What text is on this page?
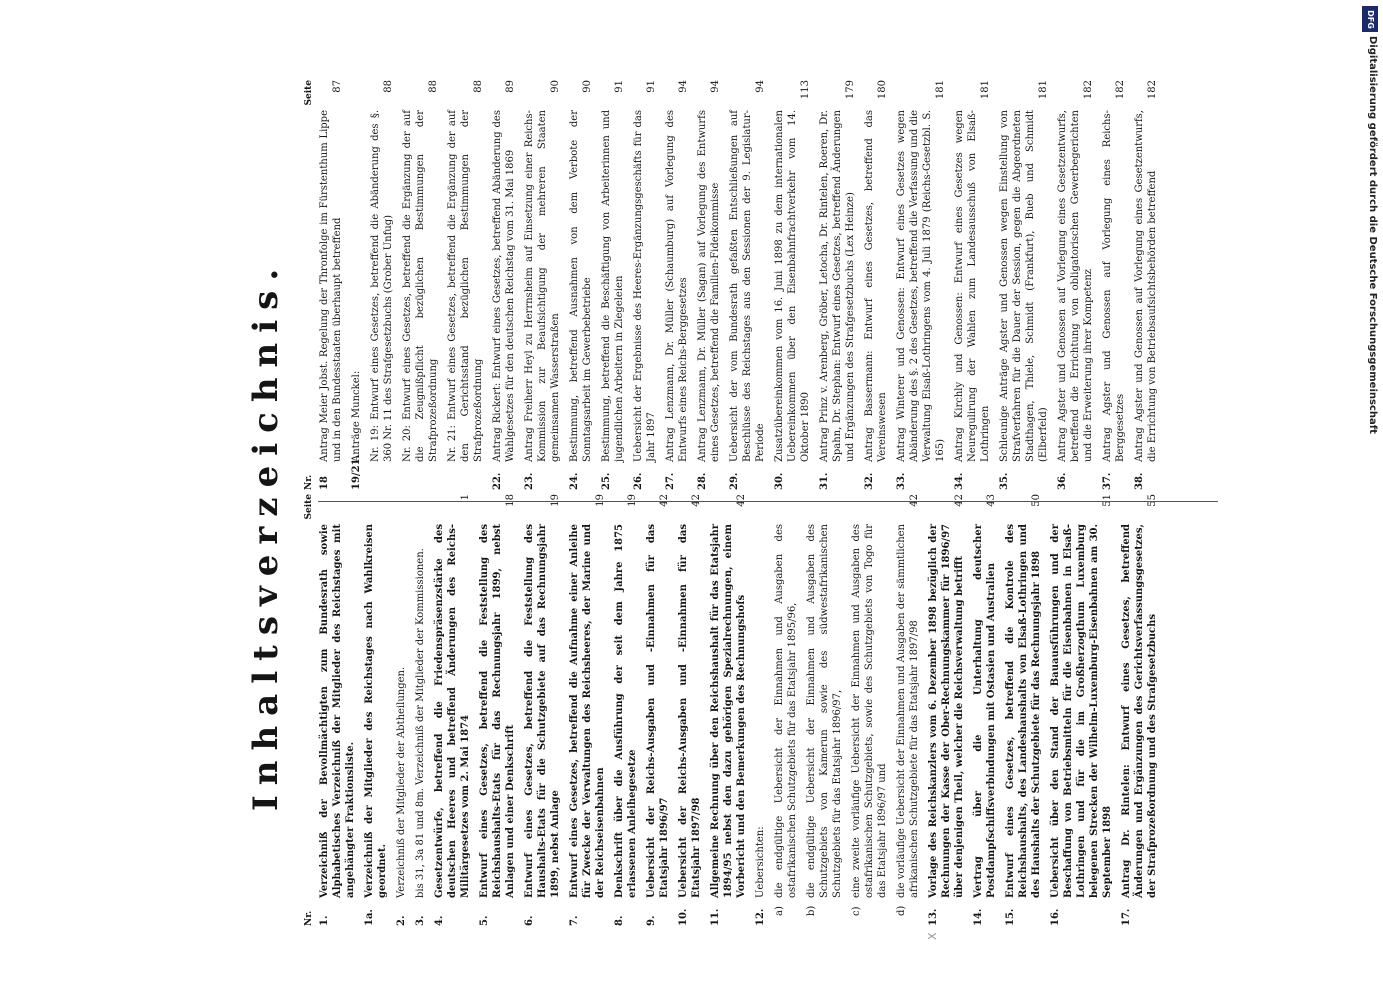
Inhaltsverzeichnis.
Nr.
Seite
1.
Verzeichniß der Bevollmächtigten zum Bundesrath sowie Alphabetisches Verzeichniß der Mitglieder des Reichstages mit angehängter Fraktionsliste.
1a.
Verzeichniß der Mitglieder des Reichstages nach Wahlkreisen geordnet.
2.
Verzeichniß der Mitglieder der Abtheilungen.
3.
bis 31, 3a 81 und 8m. Verzeichniß der Mitglieder der Kommissionen.
4.
Gesetzentwürfe, betreffend die Friedenspräsenzstärke des deutschen Heeres und betreffend Änderungen des Reichs-Militärgesetzes vom 2. Mai 1874
1
5.
Entwurf eines Gesetzes, betreffend die Feststellung des Reichshaushalts-Etats für das Rechnungsjahr 1899, nebst Anlagen und einer Denkschrift
6.
Entwurf eines Gesetzes, betreffend die Feststellung des Haushalts-Etats für die Schutzgebiete auf das Rechnungsjahr 1899, nebst Anlage
7.
Entwurf eines Gesetzes, betreffend die Aufnahme einer Anleihe für Zwecke der Verwaltungen des Reichsheeres, der Marine und der Reichseisenbahnen
8.
Denkschrift über die Ausführung der seit dem Jahre 1875 erlassenen Anleihegesetze
9.
Uebersicht der Reichs-Ausgaben und -Einnahmen für das Etatsjahr 1896/97
10.
Uebersicht der Reichs-Ausgaben und -Einnahmen für das Etatsjahr 1897/98
11.
Allgemeine Rechnung über den Reichshaushalt für das Etatsjahr 1894/95 nebst den dazu gehörigen Spezialrechnungen, einem Vorbericht und den Bemerkungen des Rechnungshofs
12.
Uebersichten:
a)
die endgültige Uebersicht der Einnahmen und Ausgaben des ostafrikanischen Schutzgebiets für das Etatsjahr 1895/96,
b)
die endgültige Uebersicht der Einnahmen und Ausgaben des Schutzgebiets von Kamerun sowie des südwestafrikanischen Schutzgebiets für das Etatsjahr 1896/97,
c)
eine zweite vorläufige Uebersicht der Einnahmen und Ausgaben des ostafrikanischen Schutzgebiets, sowie des Schutzgebiets von Togo für das Etatsjahr 1896/97 und
d)
die vorläufige Uebersicht der Einnahmen und Ausgaben der sämmtlichen afrikanischen Schutzgebiete für das Etatsjahr 1897/98
13.
Vorlage des Reichskanzlers vom 6. Dezember 1898 bezüglich der Rechnungen der Kasse der Ober-Rechnungskammer für 1896/97 über denjenigen Theil, welcher die Reichsverwaltung betrifft
14.
Vertrag über die Unterhaltung deutscher Postdampfschiffsverbindungen mit Ostasien und Australien
15.
Entwurf eines Gesetzes, betreffend die Kontrole des Reichshaushalts, des Landeshaushalts von Elsaß-Lothringen und des Haushalts der Schutzgebiete für das Rechnungsjahr 1898
16.
Uebersicht über den Stand der Bauausführungen und der Beschaffung von Betriebsmitteln für die Eisenbahnen in Elsaß-Lothringen und für die im Großherzogthum Luxemburg belegenen Strecken der Wilhelm-Luxemburg-Eisenbahnen am 30. September 1898
17.
Antrag Dr. Rintelen: Entwurf eines Gesetzes, betreffend Änderungen und Ergänzungen des Gerichtsverfassungsgesetzes, der Strafprozeßordnung und des Strafgesetzbuchs
Nr.
Seite
18
Antrag Meier Jobst. Regelung der Thronfolge im Fürstenthum Lippe und in den Bundesstaaten überhaupt betreffend
87
19/21.
Anträge Munckel: Nr. 19: Entwurf eines Gesetzes, betreffend die Abänderung des §. 360 Nr. 11 des Strafgesetzbuchs (Grober Unfug)
88
Nr. 20: Entwurf eines Gesetzes, betreffend die Ergänzung der auf die Zeugnißpflicht bezüglichen Bestimmungen der Strafprozeßordnung
88
Nr. 21: Entwurf eines Gesetzes, betreffend die Ergänzung der auf den Gerichtsstand bezüglichen Bestimmungen der Strafprozeßordnung
88
22.
Antrag Rickert: Entwurf eines Gesetzes, betreffend Abänderung des Wahlgesetzes für den deutschen Reichstag vom 31. Mai 1869
89
23.
Antrag Freiherr Heyl zu Herrnsheim auf Einsetzung einer Reichs-Kommission zur Beaufsichtigung der mehreren Staaten gemeinsamen Wasserstraßen
90
24.
Bestimmung, betreffend Ausnahmen von dem Verbote der Sonntagsarbeit im Gewerbebetriebe
90
25.
Bestimmung, betreffend die Beschäftigung von Arbeiterinnen und jugendlichen Arbeitern in Ziegeleien
91
26.
Uebersicht der Ergebnisse des Heeres-Ergänzungsgeschäfts für das Jahr 1897
91
27.
Antrag Lenzmann, Dr. Müller (Schaumburg) auf Vorlegung des Entwurfs eines Reichs-Berggesetzes
94
28.
Antrag Lenzmann, Dr. Müller (Sagan) auf Vorlegung des Entwurfs eines Gesetzes, betreffend die Familien-Fideikommisse
94
29.
Uebersicht der vom Bundesrath gefaßten Entschließungen auf Beschlüsse des Reichstages aus den Sessionen der 9. Legislatur-Periode
94
30.
Zusatzübereinkommen vom 16. Juni 1898 zu dem internationalen Uebereinkommen über den Eisenbahnfrachtverkehr vom 14. Oktober 1890
113
31.
Antrag Prinz v. Arenberg, Gröber, Letocha, Dr. Rintelen, Roeren, Dr. Spahn, Dr. Stephan: Entwurf eines Gesetzes, betreffend Änderungen und Ergänzungen des Strafgesetzbuchs (Lex Heinze)
179
32.
Antrag Bassermann: Entwurf eines Gesetzes, betreffend das Vereinswesen
180
33.
Antrag Winterer und Genossen: Entwurf eines Gesetzes wegen Abänderung des §. 2 des Gesetzes, betreffend die Verfassung und die Verwaltung Elsaß-Lothringens vom 4. Juli 1879 (Reichs-Gesetzbl. S. 165)
181
34.
Antrag Kirchly und Genossen: Entwurf eines Gesetzes wegen Neuregulirung der Wahlen zum Landesausschuß von Elsaß-Lothringen
181
35.
Schleunige Anträge Agster und Genossen wegen Einstellung von Strafverfahren für die Dauer der Session, gegen die Abgeordneten Stadthagen, Thiele, Schmidt (Frankfurt), Bueb und Schmidt (Elberfeld)
181
36.
Antrag Agster und Genossen auf Vorlegung eines Gesetzentwurfs, betreffend die Errichtung von obligatorischen Gewerbegerichten und die Erweiterung ihrer Kompetenz
182
37.
Antrag Agster und Genossen auf Vorlegung eines Reichs-Berggesetzes
182
38.
Antrag Agster und Genossen auf Vorlegung eines Gesetzentwurfs, die Errichtung von Betriebsaufsichtsbehörden betreffend
182
X
DFG
Digitalisierung gefördert durch die Deutsche Forschungsgemeinschaft
